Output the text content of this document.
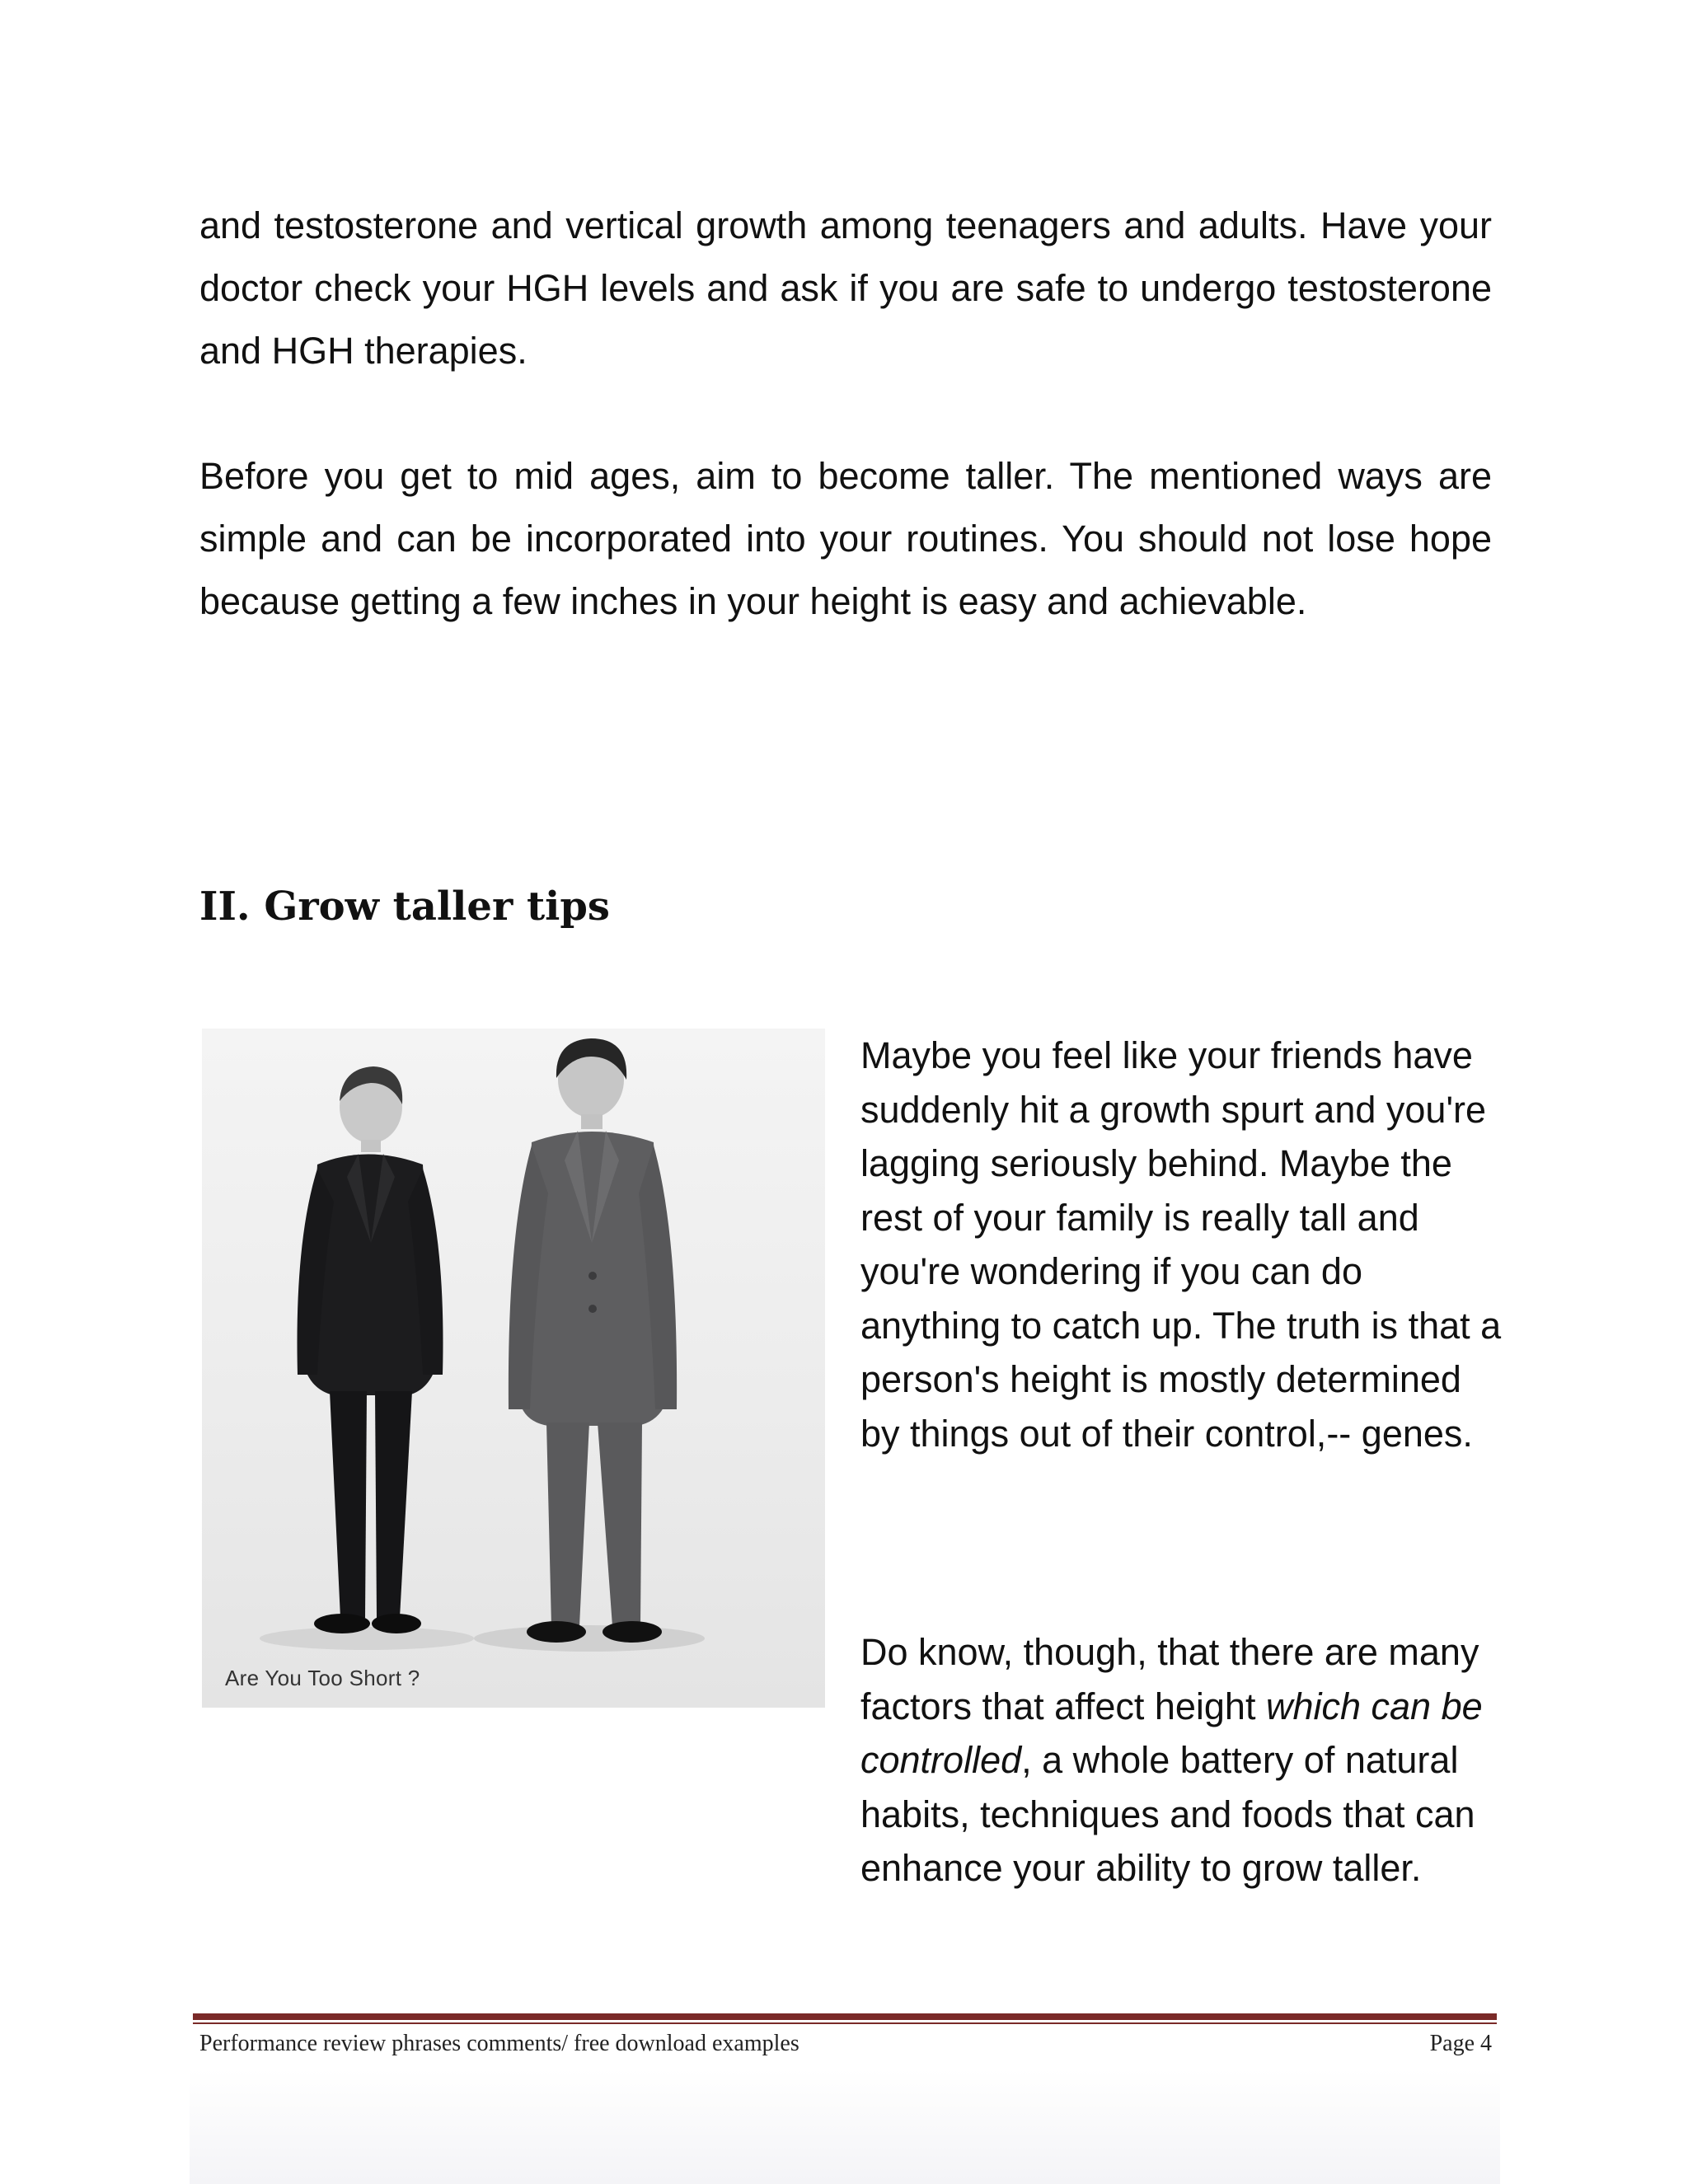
and testosterone and vertical growth among teenagers and adults. Have your doctor check your HGH levels and ask if you are safe to undergo testosterone and HGH therapies.

Before you get to mid ages, aim to become taller. The mentioned ways are simple and can be incorporated into your routines. You should not lose hope because getting a few inches in your height is easy and achievable.

II. Grow taller tips
Are You Too Short ?

Maybe you feel like your friends have suddenly hit a growth spurt and you're lagging seriously behind. Maybe the rest of your family is really tall and you're wondering if you can do anything to catch up. The truth is that a person's height is mostly determined by things out of their control,-- genes.

Do know, though, that there are many factors that affect height which can be controlled, a whole battery of natural habits, techniques and foods that can enhance your ability to grow taller.

Performance review phrases comments/ free download examples	Page 4
